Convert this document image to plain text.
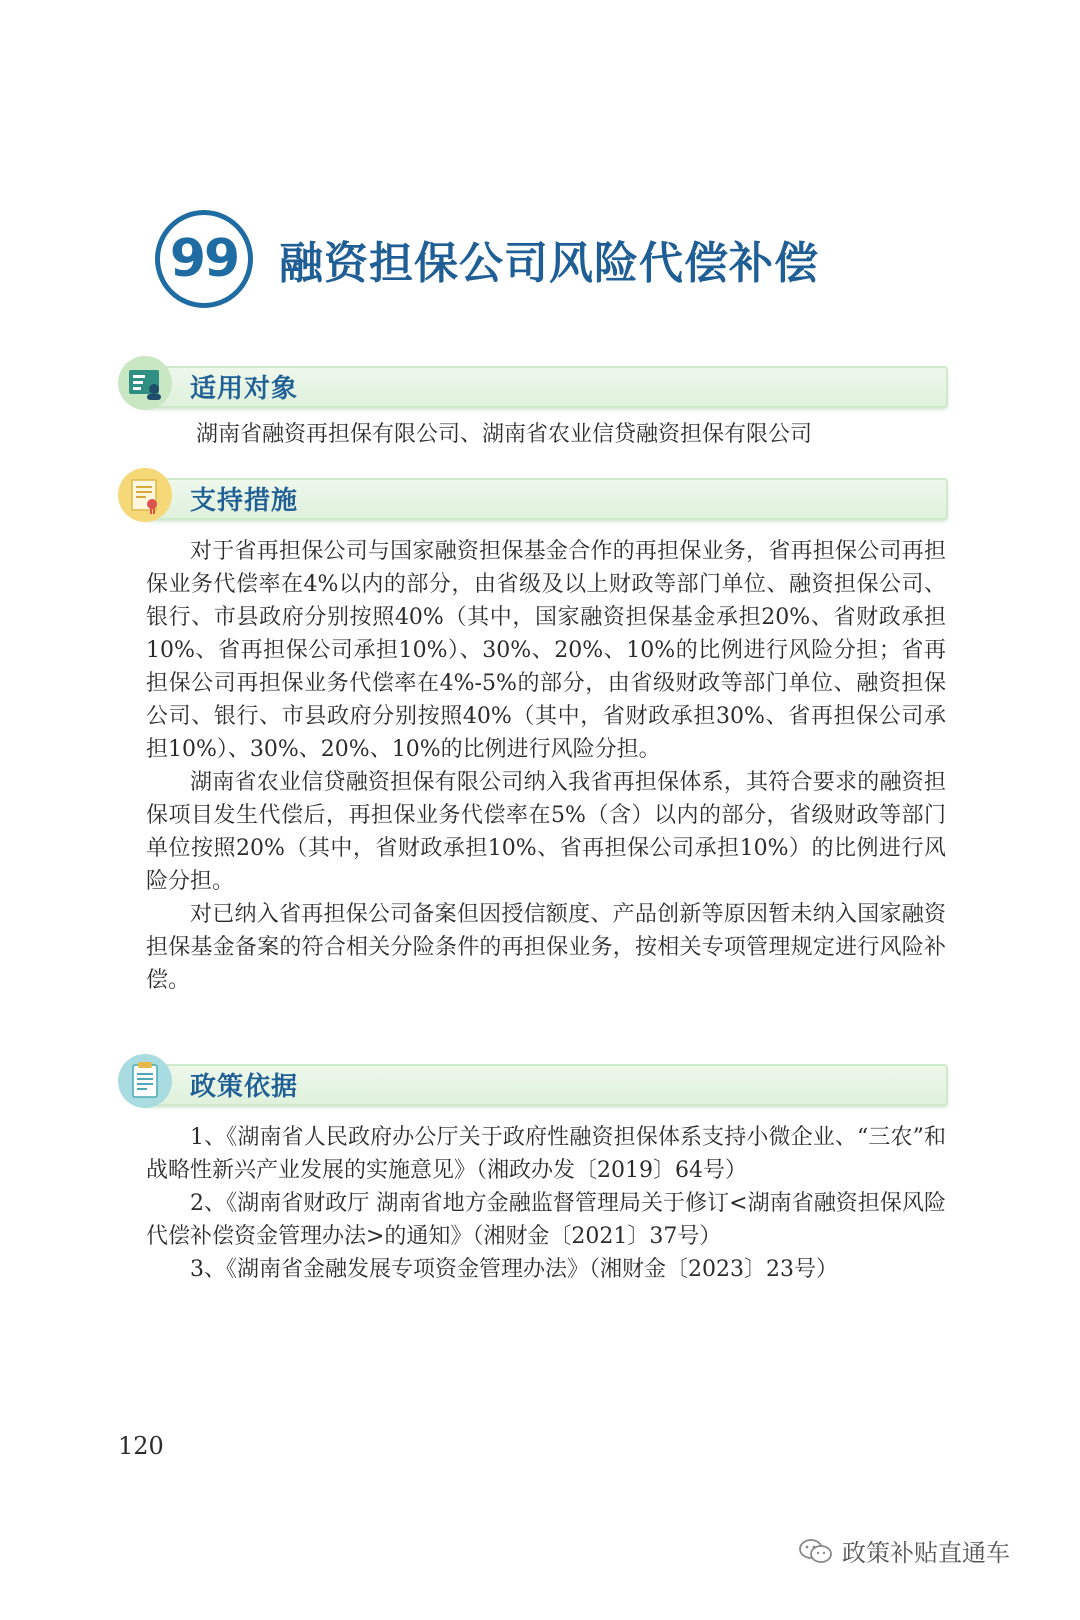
99 融资担保公司风险代偿补偿
适用对象
湖南省融资再担保有限公司、湖南省农业信贷融资担保有限公司
支持措施

对于省再担保公司与国家融资担保基金合作的再担保业务，省再担保公司再担保业务代偿率在4%以内的部分，由省级及以上财政等部门单位、融资担保公司、银行、市县政府分别按照40%（其中，国家融资担保基金承担20%、省财政承担10%、省再担保公司承担10%）、30%、20%、10%的比例进行风险分担；省再担保公司再担保业务代偿率在4%-5%的部分，由省级财政等部门单位、融资担保公司、银行、市县政府分别按照40%（其中，省财政承担30%、省再担保公司承担10%）、30%、20%、10%的比例进行风险分担。

湖南省农业信贷融资担保有限公司纳入我省再担保体系，其符合要求的融资担保项目发生代偿后，再担保业务代偿率在5%（含）以内的部分，省级财政等部门单位按照20%（其中，省财政承担10%、省再担保公司承担10%）的比例进行风险分担。

对已纳入省再担保公司备案但因授信额度、产品创新等原因暂未纳入国家融资担保基金备案的符合相关分险条件的再担保业务，按相关专项管理规定进行风险补偿。

政策依据

1、《湖南省人民政府办公厅关于政府性融资担保体系支持小微企业、“三农”和战略性新兴产业发展的实施意见》（湘政办发〔2019〕64号）

2、《湖南省财政厅 湖南省地方金融监督管理局关于修订<湖南省融资担保风险代偿补偿资金管理办法>的通知》（湘财金〔2021〕37号）

3、《湖南省金融发展专项资金管理办法》（湘财金〔2023〕23号）

120
政策补贴直通车
